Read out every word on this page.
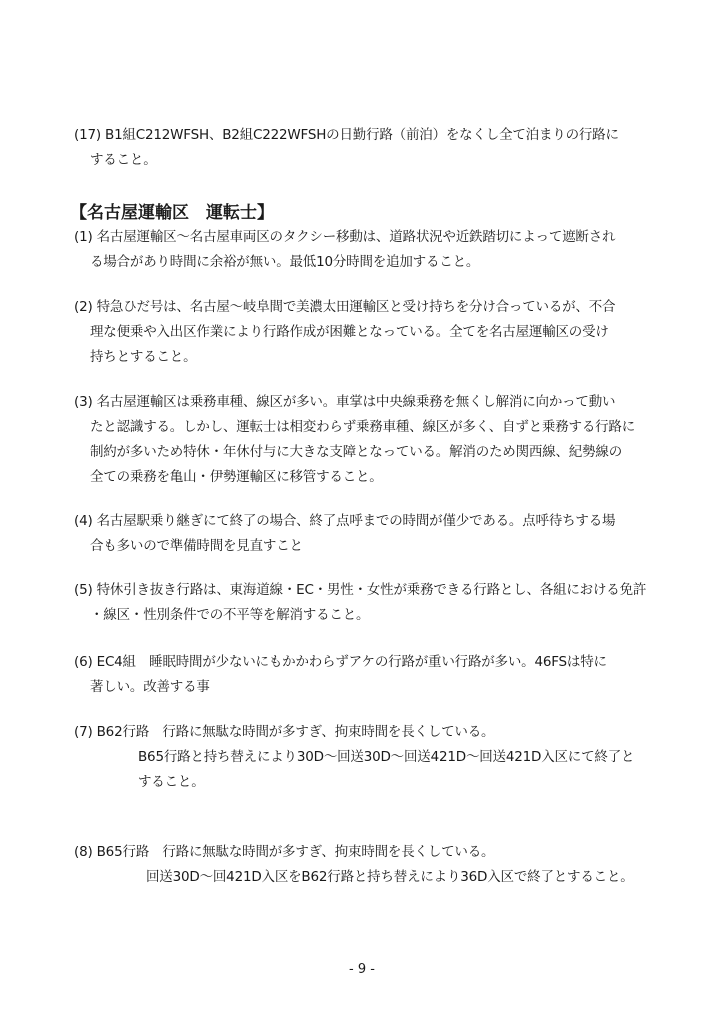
(17) B1組C212WFSH、B2組C222WFSHの日勤行路（前泊）をなくし全て泊まりの行路に
すること。
【名古屋運輸区　運転士】
(1) 名古屋運輸区〜名古屋車両区のタクシー移動は、道路状況や近鉄踏切によって遮断され
る場合があり時間に余裕が無い。最低10分時間を追加すること。
(2) 特急ひだ号は、名古屋〜岐阜間で美濃太田運輸区と受け持ちを分け合っているが、不合
理な便乗や入出区作業により行路作成が困難となっている。全てを名古屋運輸区の受け
持ちとすること。
(3) 名古屋運輸区は乗務車種、線区が多い。車掌は中央線乗務を無くし解消に向かって動い
たと認識する。しかし、運転士は相変わらず乗務車種、線区が多く、自ずと乗務する行路に
制約が多いため特休・年休付与に大きな支障となっている。解消のため関西線、紀勢線の
全ての乗務を亀山・伊勢運輸区に移管すること。
(4) 名古屋駅乗り継ぎにて終了の場合、終了点呼までの時間が僅少である。点呼待ちする場
合も多いので準備時間を見直すこと
(5) 特休引き抜き行路は、東海道線・EC・男性・女性が乗務できる行路とし、各組における免許
・線区・性別条件での不平等を解消すること。
(6) EC4組　睡眠時間が少ないにもかかわらずアケの行路が重い行路が多い。46FSは特に
著しい。改善する事
(7) B62行路　行路に無駄な時間が多すぎ、拘束時間を長くしている。
B65行路と持ち替えにより30D〜回送30D〜回送421D〜回送421D入区にて終了と
すること。
(8) B65行路　行路に無駄な時間が多すぎ、拘束時間を長くしている。
回送30D〜回421D入区をB62行路と持ち替えにより36D入区で終了とすること。
- 9 -
